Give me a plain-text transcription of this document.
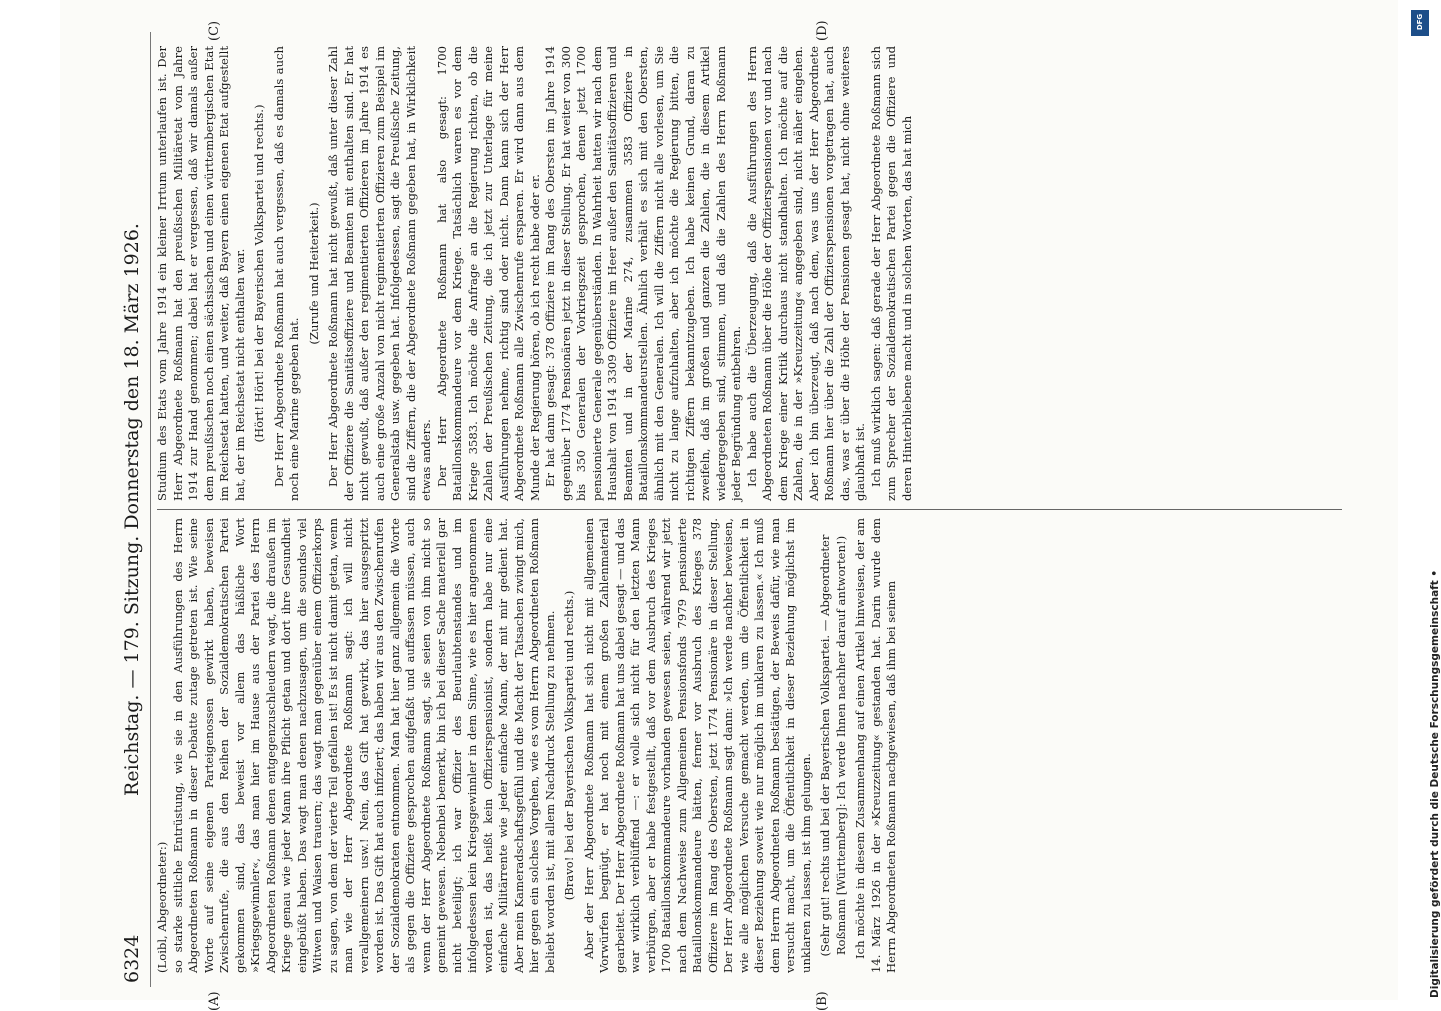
6324
Reichstag. — 179. Sitzung. Donnerstag den 18. März 1926.
(A)	(B)
(C)	(D)

(Loibl, Abgeordneter:) so starke sittliche Entrüstung, wie sie in den Ausführungen des Herrn Abgeordneten Roßmann in dieser Debatte zutage getreten ist. Wie seine Worte auf seine eigenen Parteigenossen gewirkt haben, beweisen Zwischenrufe, die aus den Reihen der Sozialdemokratischen Partei gekommen sind, das beweist vor allem das häßliche Wort »Kriegsgewinnler«, das man hier im Hause aus der Partei des Herrn Abgeordneten Roßmann denen entgegenzuschleudern wagt, die draußen im Kriege genau wie jeder Mann ihre Pflicht getan und dort ihre Gesundheit eingebüßt haben. Das wagt man denen nachzusagen, um die soundso viel Witwen und Waisen trauern; das wagt man gegenüber einem Offizierkorps zu sagen, von dem der vierte Teil gefallen ist! Es ist nicht damit getan, wenn man wie der Herr Abgeordnete Roßmann sagt: ich will nicht verallgemeinern usw.! Nein, das Gift hat gewirkt, das hier ausgespritzt worden ist. Das Gift hat auch infiziert; das haben wir aus den Zwischenrufen der Sozialdemokraten entnommen. Man hat hier ganz allgemein die Worte als gegen die Offiziere gesprochen aufgefaßt und auffassen müssen, auch wenn der Herr Abgeordnete Roßmann sagt, sie seien von ihm nicht so gemeint gewesen. Nebenbei bemerkt, bin ich bei dieser Sache materiell gar nicht beteiligt; ich war Offizier des Beurlaubtenstandes und im infolgedessen kein Kriegsgewinnler in dem Sinne, wie es hier angenommen worden ist, das heißt kein Offizierspensionist, sondern habe nur eine einfache Militärrente wie jeder einfache Mann, der mit mir gedient hat. Aber mein Kameradschaftsgefühl und die Macht der Tatsachen zwingt mich, hier gegen ein solches Vorgehen, wie es vom Herrn Abgeordneten Roßmann beliebt worden ist, mit allem Nachdruck Stellung zu nehmen. (Bravo! bei der Bayerischen Volkspartei und rechts.) Aber der Herr Abgeordnete Roßmann hat sich nicht mit allgemeinen Vorwürfen begnügt, er hat noch mit einem großen Zahlenmaterial gearbeitet. Der Herr Abgeordnete Roßmann hat uns dabei gesagt — und das war wirklich verblüffend —: er wolle sich nicht für den letzten Mann verbürgen, aber er habe festgestellt, daß vor dem Ausbruch des Krieges 1700 Bataillonskommandeure vorhanden gewesen seien, während wir jetzt nach dem Nachweise zum Allgemeinen Pensionsfonds 7979 pensionierte Bataillonskommandeure hätten, ferner vor Ausbruch des Krieges 378 Offiziere im Rang des Obersten, jetzt 1774 Pensionäre in dieser Stellung. Der Herr Abgeordnete Roßmann sagt dann: »Ich werde nachher beweisen, wie alle möglichen Versuche gemacht werden, um die Öffentlichkeit in dieser Beziehung soweit wie nur möglich im unklaren zu lassen.« Ich muß dem Herrn Abgeordneten Roßmann bestätigen, der Beweis dafür, wie man versucht macht, um die Öffentlichkeit in dieser Beziehung möglichst im unklaren zu lassen, ist ihm gelungen. (Sehr gut! rechts und bei der Bayerischen Volkspartei. — Abgeordneter Roßmann [Württemberg]: Ich werde Ihnen nachher darauf antworten!) Ich möchte in diesem Zusammenhang auf einen Artikel hinweisen, der am 14. März 1926 in der »Kreuzzeitung« gestanden hat. Darin wurde dem Herrn Abgeordneten Roßmann nachgewiesen, daß ihm bei seinem

Studium des Etats vom Jahre 1914 ein kleiner Irrtum unterlaufen ist. Der Herr Abgeordnete Roßmann hat den preußischen Militäretat vom Jahre 1914 zur Hand genommen; dabei hat er vergessen, daß wir damals außer dem preußischen noch einen sächsischen und einen württembergischen Etat im Reichsetat hatten, und weiter, daß Bayern einen eigenen Etat aufgestellt hat, der im Reichsetat nicht enthalten war. (Hört! Hört! bei der Bayerischen Volkspartei und rechts.) Der Herr Abgeordnete Roßmann hat auch vergessen, daß es damals auch noch eine Marine gegeben hat.

(Zurufe und Heiterkeit.) Der Herr Abgeordnete Roßmann hat nicht gewußt, daß unter dieser Zahl der Offiziere die Sanitätsoffiziere und Beamten mit enthalten sind. Er hat nicht gewußt, daß außer den regimentierten Offizieren im Jahre 1914 es auch eine große Anzahl von nicht regimentierten Offizieren zum Beispiel im Generalstab usw. gegeben hat. Infolgedessen, sagt die Preußische Zeitung, sind die Ziffern, die der Abgeordnete Roßmann gegeben hat, in Wirklichkeit etwas anders. Der Herr Abgeordnete Roßmann hat also gesagt: 1700 Bataillonskommandeure vor dem Kriege. Tatsächlich waren es vor dem Kriege 3583. Ich möchte die Anfrage an die Regierung richten, ob die Zahlen der Preußischen Zeitung, die ich jetzt zur Unterlage für meine Ausführungen nehme, richtig sind oder nicht. Dann kann sich der Herr Abgeordnete Roßmann alle Zwischenrufe ersparen. Er wird dann aus dem Munde der Regierung hören, ob ich recht habe oder er. Er hat dann gesagt: 378 Offiziere im Rang des Obersten im Jahre 1914 gegenüber 1774 Pensionären jetzt in dieser Stellung. Er hat weiter von 300 bis 350 Generalen der Vorkriegszeit gesprochen, denen jetzt 1700 pensionierte Generale gegenüberständen. In Wahrheit hatten wir nach dem Haushalt von 1914 3309 Offiziere im Heer außer den Sanitätsoffizieren und Beamten und in der Marine 274, zusammen 3583 Offiziere in Bataillonskommandeurstellen. Ähnlich verhält es sich mit den Obersten, ähnlich mit den Generalen. Ich will die Ziffern nicht alle vorlesen, um Sie nicht zu lange aufzuhalten, aber ich möchte die Regierung bitten, die richtigen Ziffern bekanntzugeben. Ich habe keinen Grund, daran zu zweifeln, daß im großen und ganzen die Zahlen, die in diesem Artikel wiedergegeben sind, stimmen, und daß die Zahlen des Herrn Roßmann jeder Begründung entbehren. Ich habe auch die Überzeugung, daß die Ausführungen des Herrn Abgeordneten Roßmann über die Höhe der Offizierspensionen vor und nach dem Kriege einer Kritik durchaus nicht standhalten. Ich möchte auf die Zahlen, die in der »Kreuzzeitung« angegeben sind, nicht näher eingehen. Aber ich bin überzeugt, daß nach dem, was uns der Herr Abgeordnete Roßmann hier über die Zahl der Offizierspensionen vorgetragen hat, auch das, was er über die Höhe der Pensionen gesagt hat, nicht ohne weiteres glaubhaft ist. Ich muß wirklich sagen: daß gerade der Herr Abgeordnete Roßmann sich zum Sprecher der Sozialdemokratischen Partei gegen die Offiziere und deren Hinterbliebene macht und in solchen Worten, das hat mich

DFG
Digitalisierung gefördert durch die Deutsche Forschungsgemeinschaft •
